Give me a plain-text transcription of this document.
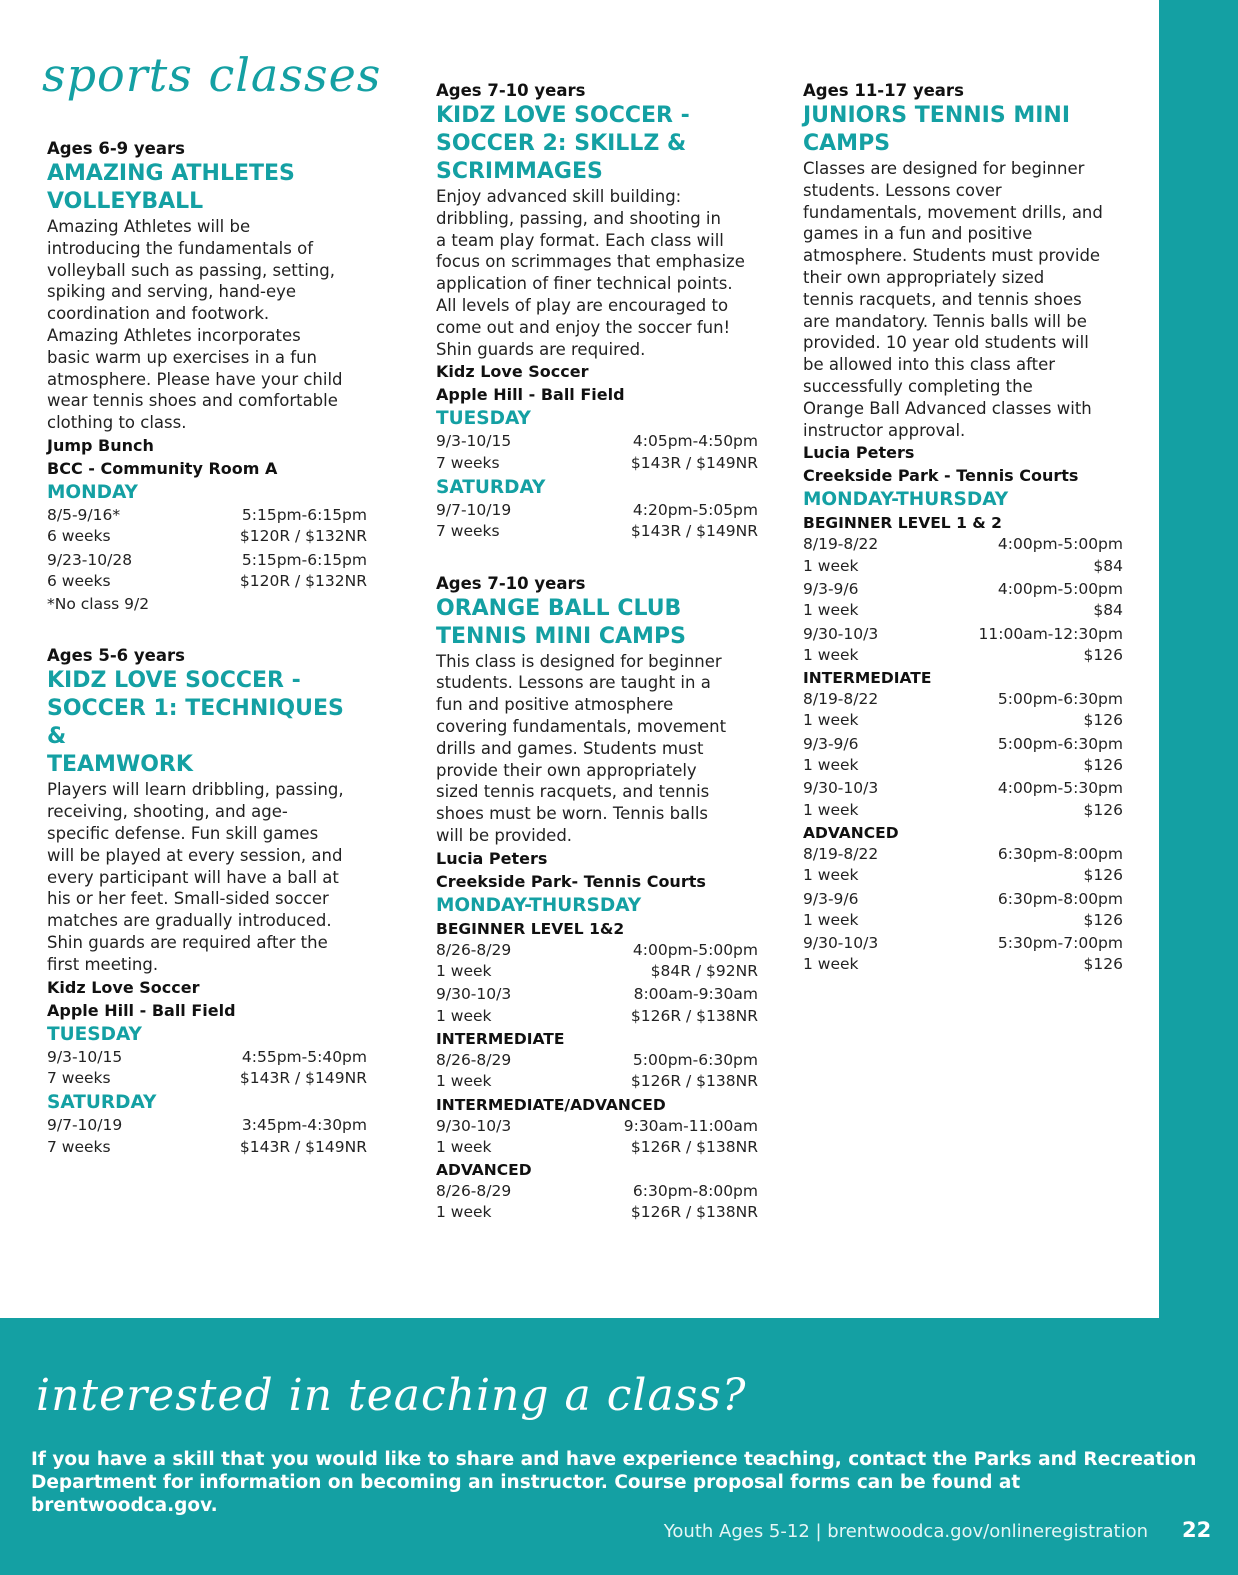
sports classes
Ages 6-9 years
AMAZING ATHLETES
VOLLEYBALL
Amazing Athletes will be
introducing the fundamentals of
volleyball such as passing, setting,
spiking and serving, hand-eye
coordination and footwork.
Amazing Athletes incorporates
basic warm up exercises in a fun
atmosphere. Please have your child
wear tennis shoes and comfortable
clothing to class.
Jump Bunch
BCC - Community Room A
MONDAY
8/5-9/16*	5:15pm-6:15pm
6 weeks	$120R / $132NR
9/23-10/28	5:15pm-6:15pm
6 weeks	$120R / $132NR
*No class 9/2
Ages 5-6 years
KIDZ LOVE SOCCER -
SOCCER 1: TECHNIQUES &
TEAMWORK
Players will learn dribbling, passing,
receiving, shooting, and age-
specific defense. Fun skill games
will be played at every session, and
every participant will have a ball at
his or her feet. Small-sided soccer
matches are gradually introduced.
Shin guards are required after the
first meeting.
Kidz Love Soccer
Apple Hill - Ball Field
TUESDAY
9/3-10/15	4:55pm-5:40pm
7 weeks	$143R / $149NR
SATURDAY
9/7-10/19	3:45pm-4:30pm
7 weeks	$143R / $149NR
Ages 7-10 years
KIDZ LOVE SOCCER -
SOCCER 2: SKILLZ &
SCRIMMAGES
Enjoy advanced skill building:
dribbling, passing, and shooting in
a team play format. Each class will
focus on scrimmages that emphasize
application of finer technical points.
All levels of play are encouraged to
come out and enjoy the soccer fun!
Shin guards are required.
Kidz Love Soccer
Apple Hill - Ball Field
TUESDAY
9/3-10/15	4:05pm-4:50pm
7 weeks	$143R / $149NR
SATURDAY
9/7-10/19	4:20pm-5:05pm
7 weeks	$143R / $149NR
Ages 7-10 years
ORANGE BALL CLUB
TENNIS MINI CAMPS
This class is designed for beginner
students. Lessons are taught in a
fun and positive atmosphere
covering fundamentals, movement
drills and games. Students must
provide their own appropriately
sized tennis racquets, and tennis
shoes must be worn. Tennis balls
will be provided.
Lucia Peters
Creekside Park- Tennis Courts
MONDAY-THURSDAY
BEGINNER LEVEL 1&2
8/26-8/29	4:00pm-5:00pm
1 week	$84R / $92NR
9/30-10/3	8:00am-9:30am
1 week	$126R / $138NR
INTERMEDIATE
8/26-8/29	5:00pm-6:30pm
1 week	$126R / $138NR
INTERMEDIATE/ADVANCED
9/30-10/3	9:30am-11:00am
1 week	$126R / $138NR
ADVANCED
8/26-8/29	6:30pm-8:00pm
1 week	$126R / $138NR
Ages 11-17 years
JUNIORS TENNIS MINI
CAMPS
Classes are designed for beginner
students. Lessons cover
fundamentals, movement drills, and
games in a fun and positive
atmosphere. Students must provide
their own appropriately sized
tennis racquets, and tennis shoes
are mandatory. Tennis balls will be
provided. 10 year old students will
be allowed into this class after
successfully completing the
Orange Ball Advanced classes with
instructor approval.
Lucia Peters
Creekside Park - Tennis Courts
MONDAY-THURSDAY
BEGINNER LEVEL 1 & 2
8/19-8/22	4:00pm-5:00pm
1 week	$84
9/3-9/6	4:00pm-5:00pm
1 week	$84
9/30-10/3	11:00am-12:30pm
1 week	$126
INTERMEDIATE
8/19-8/22	5:00pm-6:30pm
1 week	$126
9/3-9/6	5:00pm-6:30pm
1 week	$126
9/30-10/3	4:00pm-5:30pm
1 week	$126
ADVANCED
8/19-8/22	6:30pm-8:00pm
1 week	$126
9/3-9/6	6:30pm-8:00pm
1 week	$126
9/30-10/3	5:30pm-7:00pm
1 week	$126
interested in teaching a class?

If you have a skill that you would like to share and have experience teaching, contact the Parks and Recreation Department for information on becoming an instructor. Course proposal forms can be found at brentwoodca.gov.

Youth Ages 5-12 | brentwoodca.gov/onlineregistration 22
